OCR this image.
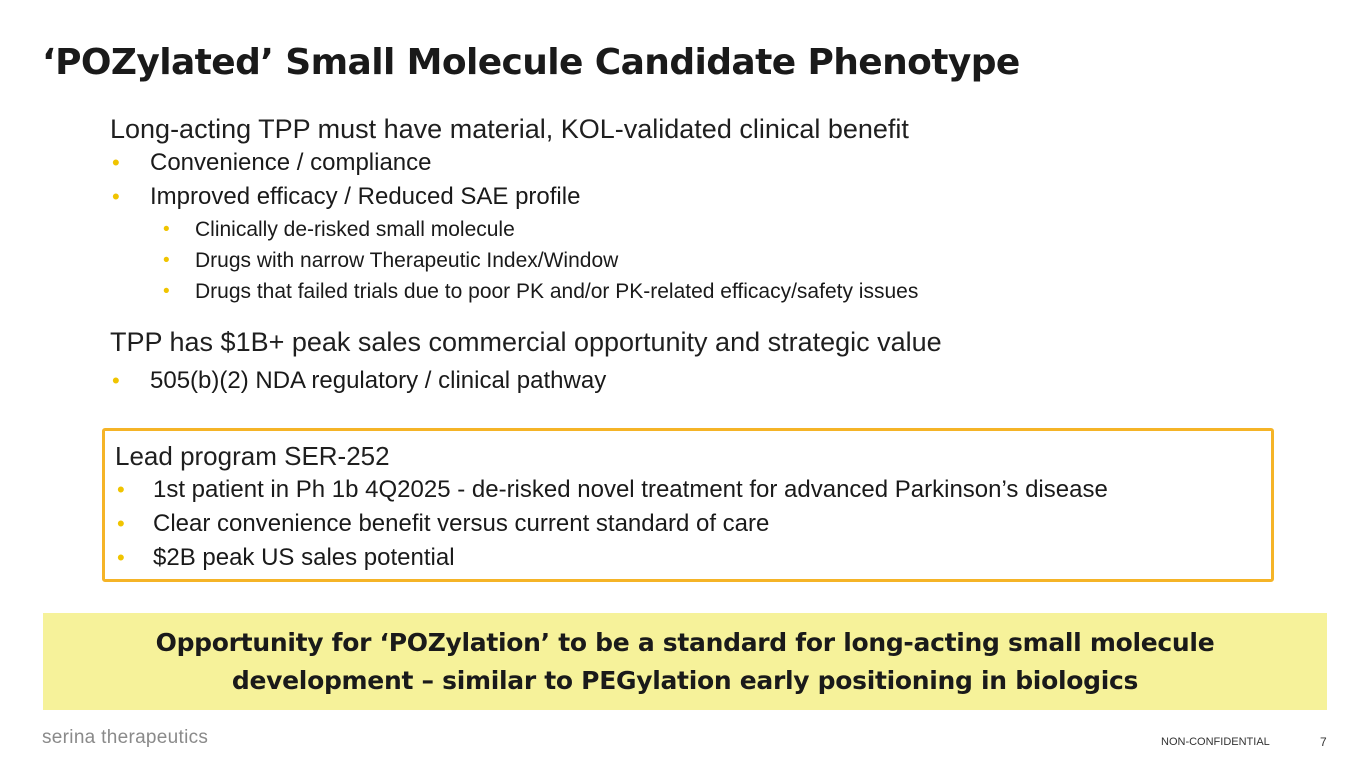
‘POZylated’ Small Molecule Candidate Phenotype
Long-acting TPP must have material, KOL-validated clinical benefit
• Convenience / compliance
• Improved efficacy / Reduced SAE profile
• Clinically de-risked small molecule
• Drugs with narrow Therapeutic Index/Window
• Drugs that failed trials due to poor PK and/or PK-related efficacy/safety issues
TPP has $1B+ peak sales commercial opportunity and strategic value
• 505(b)(2) NDA regulatory / clinical pathway
Lead program SER-252
• 1st patient in Ph 1b 4Q2025 - de-risked novel treatment for advanced Parkinson’s disease
• Clear convenience benefit versus current standard of care
• $2B peak US sales potential
Opportunity for ‘POZylation’ to be a standard for long-acting small molecule
development – similar to PEGylation early positioning in biologics
serina therapeutics	NON-CONFIDENTIAL	7
